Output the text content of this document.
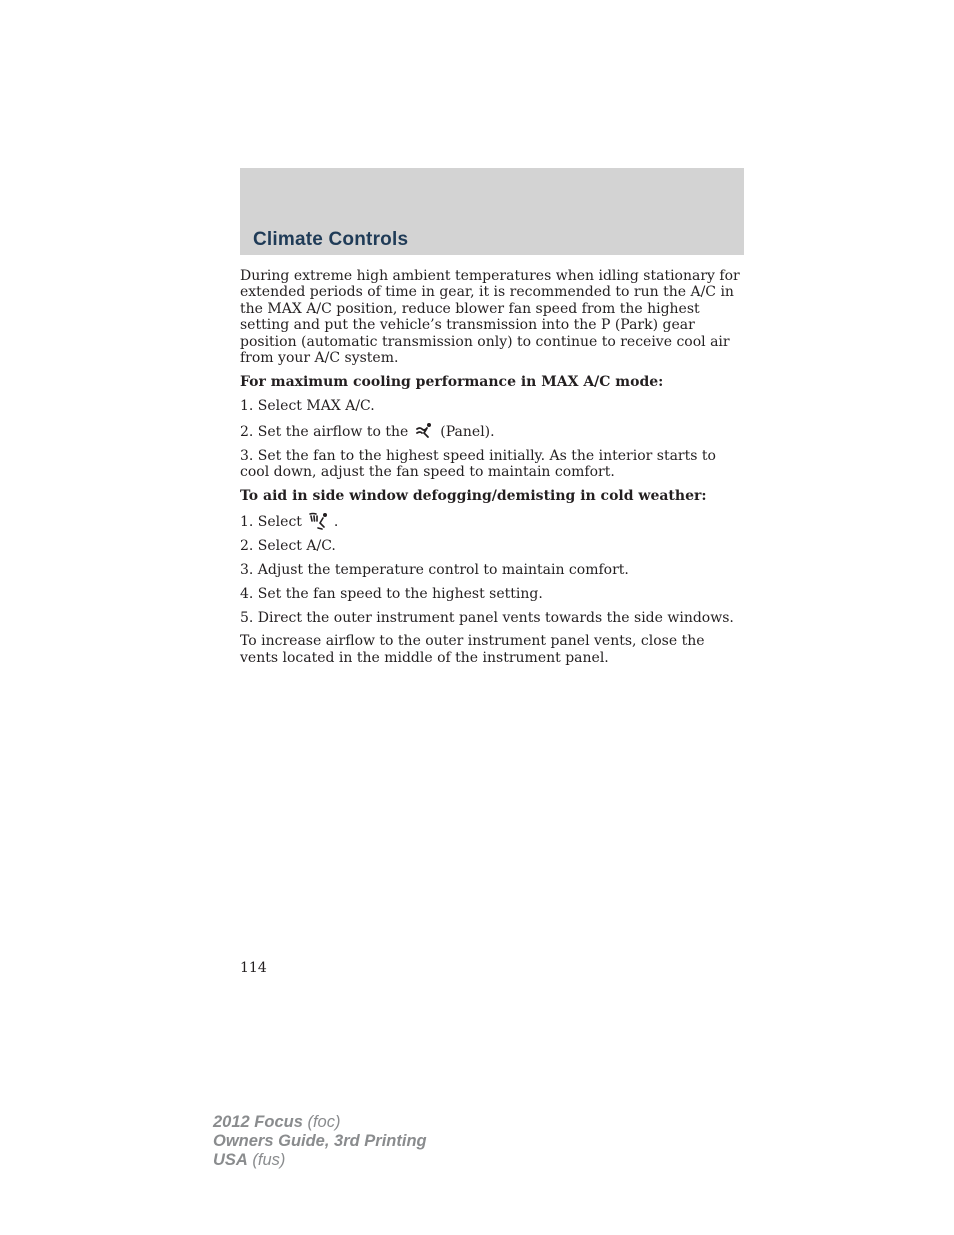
Climate Controls

During extreme high ambient temperatures when idling stationary for extended periods of time in gear, it is recommended to run the A/C in the MAX A/C position, reduce blower fan speed from the highest setting and put the vehicle’s transmission into the P (Park) gear position (automatic transmission only) to continue to receive cool air from your A/C system.

For maximum cooling performance in MAX A/C mode:

1. Select MAX A/C.

2. Set the airflow to the (Panel).

3. Set the fan to the highest speed initially. As the interior starts to cool down, adjust the fan speed to maintain comfort.

To aid in side window defogging/demisting in cold weather:

1. Select .

2. Select A/C.

3. Adjust the temperature control to maintain comfort.

4. Set the fan speed to the highest setting.

5. Direct the outer instrument panel vents towards the side windows.

To increase airflow to the outer instrument panel vents, close the vents located in the middle of the instrument panel.

114
2012 Focus (foc)
Owners Guide, 3rd Printing
USA (fus)
